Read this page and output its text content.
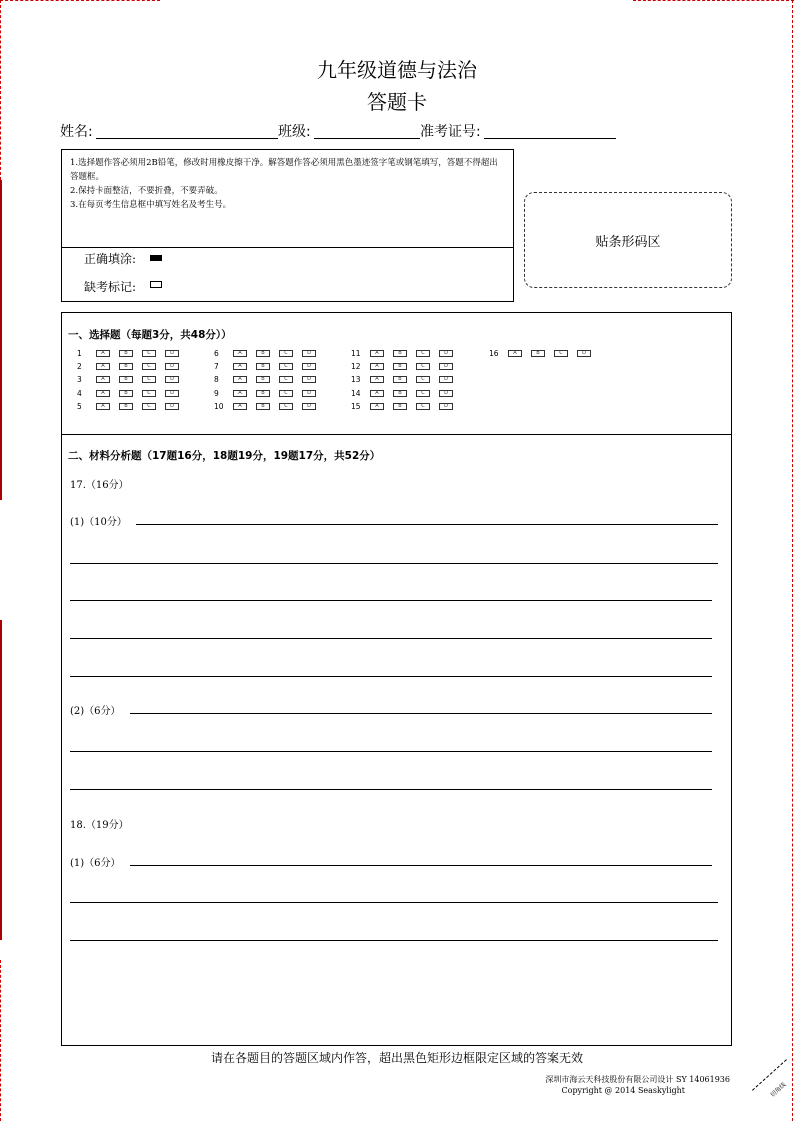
九年级道德与法治
答题卡
姓名:	班级:	准考证号:
1.选择题作答必须用2B铅笔，修改时用橡皮擦干净。解答题作答必须用黑色墨迹签字笔或钢笔填写，答题不得超出答题框。
2.保持卡面整洁，不要折叠，不要弄破。
3.在每页考生信息框中填写姓名及考生号。
正确填涂:
缺考标记:
贴条形码区
一、选择题（每题3分，共48分））
1	A	B	C	D
2	A	B	C	D
3	A	B	C	D
4	A	B	C	D
5	A	B	C	D
6	A	B	C	D
7	A	B	C	D
8	A	B	C	D
9	A	B	C	D
10	A	B	C	D
11	A	B	C	D
12	A	B	C	D
13	A	B	C	D
14	A	B	C	D
15	A	B	C	D
16	A	B	C	D
二、材料分析题（17题16分，18题19分，19题17分，共52分）
17.（16分）
(1)（10分）
(2)（6分）
18.（19分）
(1)（6分）
请在各题目的答题区域内作答，超出黑色矩形边框限定区域的答案无效
深圳市海云天科技股份有限公司设计 SY 14061936
Copyright @ 2014 Seaskylight	切角线
